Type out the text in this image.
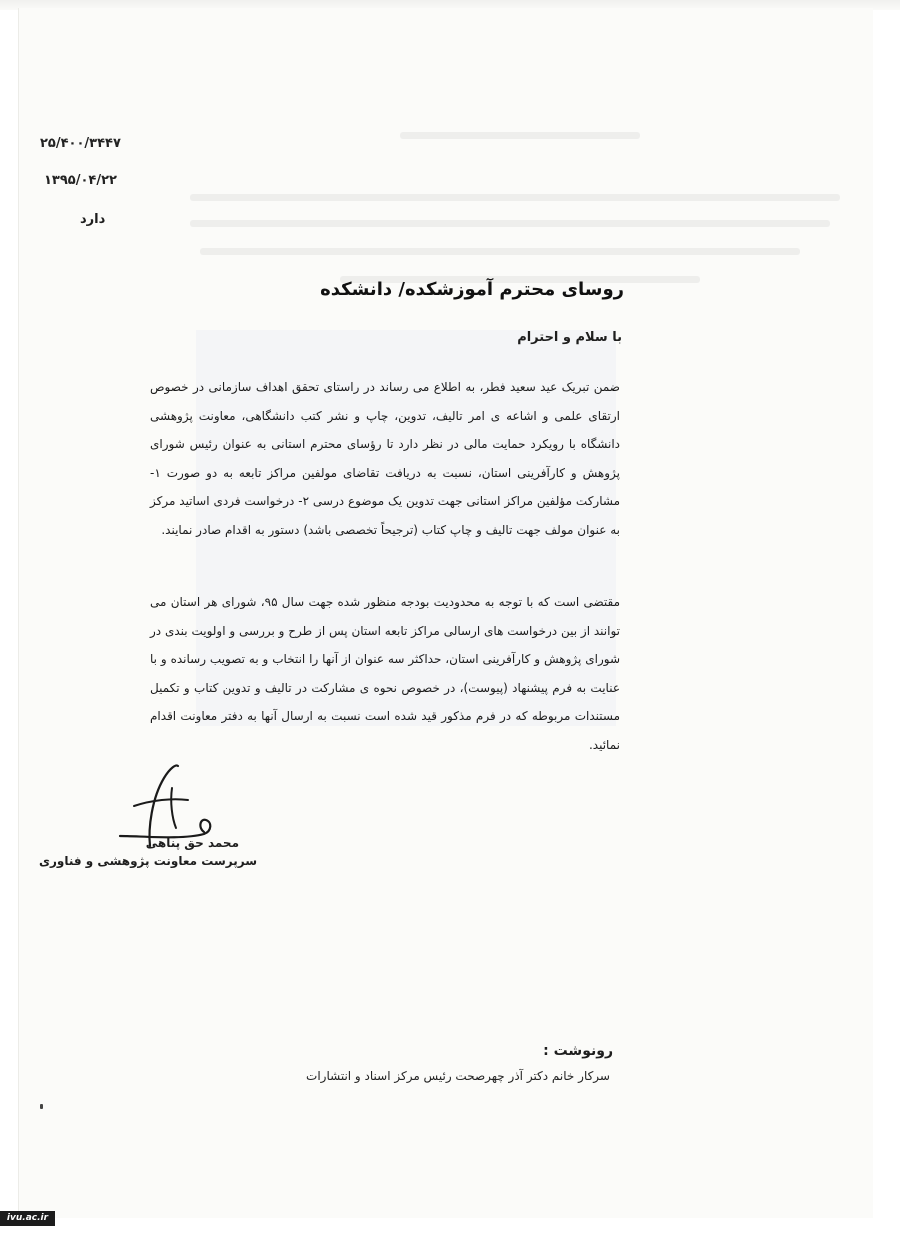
۲۵/۴۰۰/۳۴۴۷
۱۳۹۵/۰۴/۲۲
دارد
روسای محترم آموزشکده/ دانشکده
با سلام و احترام

ضمن تبریک عید سعید فطر، به اطلاع می رساند در راستای تحقق اهداف سازمانی در خصوص ارتقای علمی و اشاعه ی امر تالیف، تدوین، چاپ و نشر کتب دانشگاهی، معاونت پژوهشی دانشگاه با رویکرد حمایت مالی در نظر دارد تا رؤسای محترم استانی به عنوان رئیس شورای پژوهش و کارآفرینی استان، نسبت به دریافت تقاضای مولفین مراکز تابعه به دو صورت ۱- مشارکت مؤلفین مراکز استانی جهت تدوین یک موضوع درسی ۲- درخواست فردی اساتید مرکز به عنوان مولف جهت تالیف و چاپ کتاب (ترجیحاً تخصصی باشد) دستور به اقدام صادر نمایند.

مقتضی است که با توجه به محدودیت بودجه منظور شده جهت سال ۹۵، شورای هر استان می توانند از بین درخواست های ارسالی مراکز تابعه استان پس از طرح و بررسی و اولویت بندی در شورای پژوهش و کارآفرینی استان، حداکثر سه عنوان از آنها را انتخاب و به تصویب رسانده و با عنایت به فرم پیشنهاد (پیوست)، در خصوص نحوه ی مشارکت در تالیف و تدوین کتاب و تکمیل مستندات مربوطه که در فرم مذکور قید شده است نسبت به ارسال آنها به دفتر معاونت اقدام نمائید.

محمد حق پناهی
سرپرست معاونت پژوهشی و فناوری
رونوشت :
سرکار خانم دکتر آذر چهرصحت رئیس مرکز اسناد و انتشارات
ivu.ac.ir
